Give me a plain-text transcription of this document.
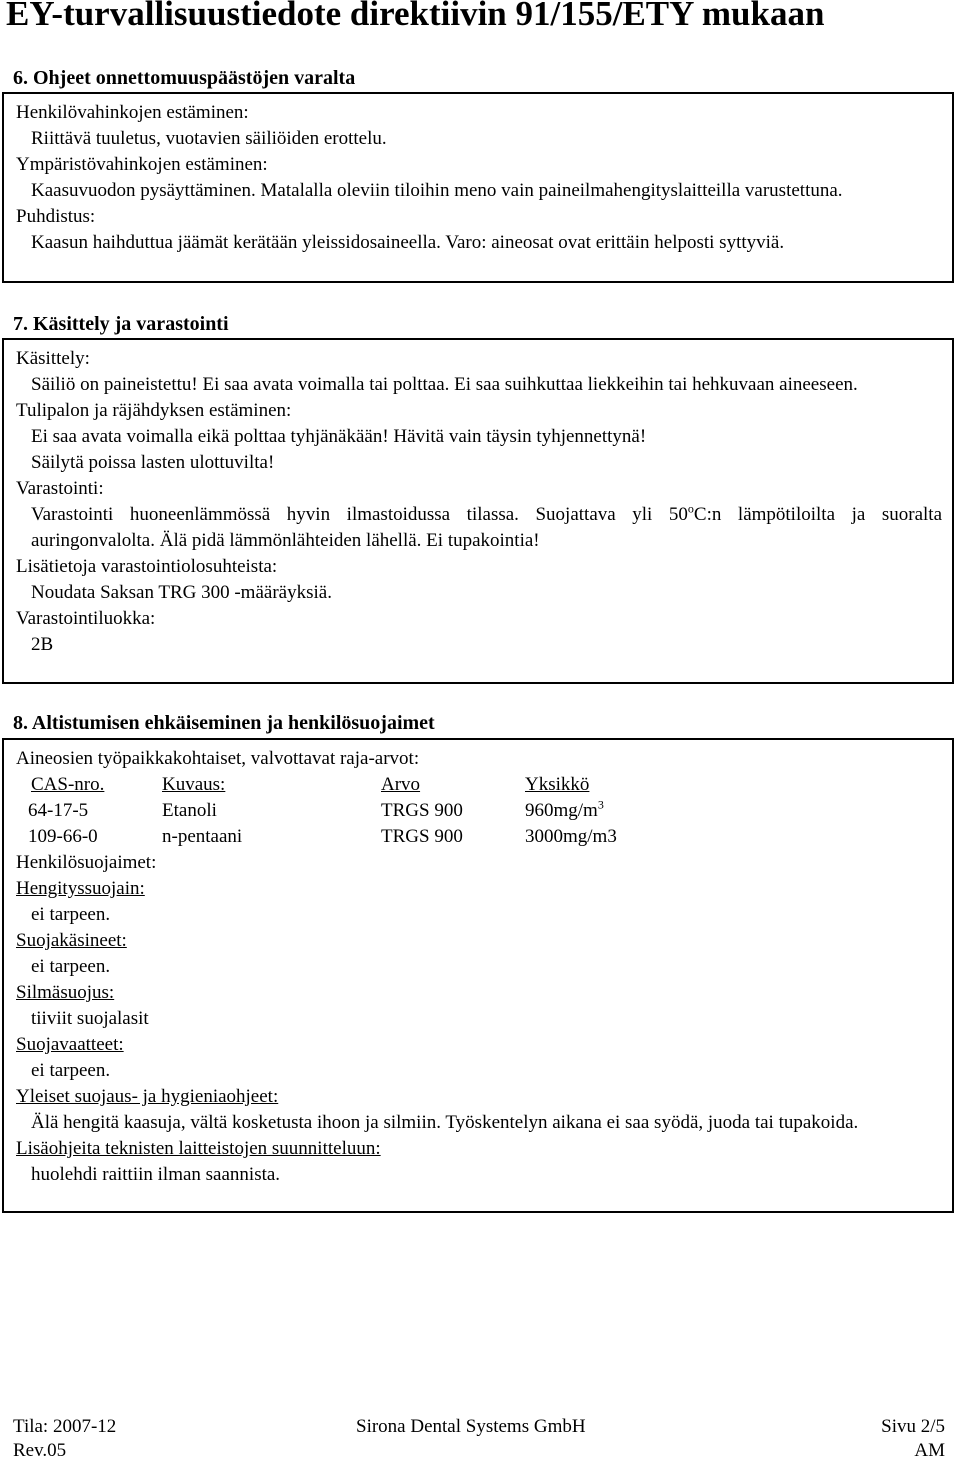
EY-turvallisuustiedote direktiivin 91/155/ETY mukaan
6. Ohjeet onnettomuuspäästöjen varalta
Henkilövahinkojen estäminen:
Riittävä tuuletus, vuotavien säiliöiden erottelu.
Ympäristövahinkojen estäminen:
Kaasuvuodon pysäyttäminen. Matalalla oleviin tiloihin meno vain paineilmahengityslaitteilla varustettuna.
Puhdistus:
Kaasun haihduttua jäämät kerätään yleissidosaineella. Varo: aineosat ovat erittäin helposti syttyviä.
7. Käsittely ja varastointi
Käsittely:
Säiliö on paineistettu! Ei saa avata voimalla tai polttaa. Ei saa suihkuttaa liekkeihin tai hehkuvaan aineeseen.
Tulipalon ja räjähdyksen estäminen:
Ei saa avata voimalla eikä polttaa tyhjänäkään! Hävitä vain täysin tyhjennettynä!
Säilytä poissa lasten ulottuvilta!
Varastointi:
Varastointi huoneenlämmössä hyvin ilmastoidussa tilassa. Suojattava yli 50$^o$C:n lämpötiloilta ja suoralta auringonvalolta. Älä pidä lämmönlähteiden lähellä. Ei tupakointia!
Lisätietoja varastointiolosuhteista:
Noudata Saksan TRG 300 -määräyksiä.
Varastointiluokka:
2B
8. Altistumisen ehkäiseminen ja henkilösuojaimet
Aineosien työpaikkakohtaiset, valvottavat raja-arvot:
CAS-nro.	Kuvaus:	Arvo	Yksikkö
64-17-5	Etanoli	TRGS 900	$960mg/m^3$
109-66-0	n-pentaani	TRGS 900	3000mg/m3
Henkilösuojaimet:
Hengityssuojain:
ei tarpeen.
Suojakäsineet:
ei tarpeen.
Silmäsuojus:
tiiviit suojalasit
Suojavaatteet:
ei tarpeen.
Yleiset suojaus- ja hygieniaohjeet:
Älä hengitä kaasuja, vältä kosketusta ihoon ja silmiin. Työskentelyn aikana ei saa syödä, juoda tai tupakoida.
Lisäohjeita teknisten laitteistojen suunnitteluun:
huolehdi raittiin ilman saannista.
Tila: 2007-12	Sirona Dental Systems GmbH	Sivu 2/5
Rev.05	AM
